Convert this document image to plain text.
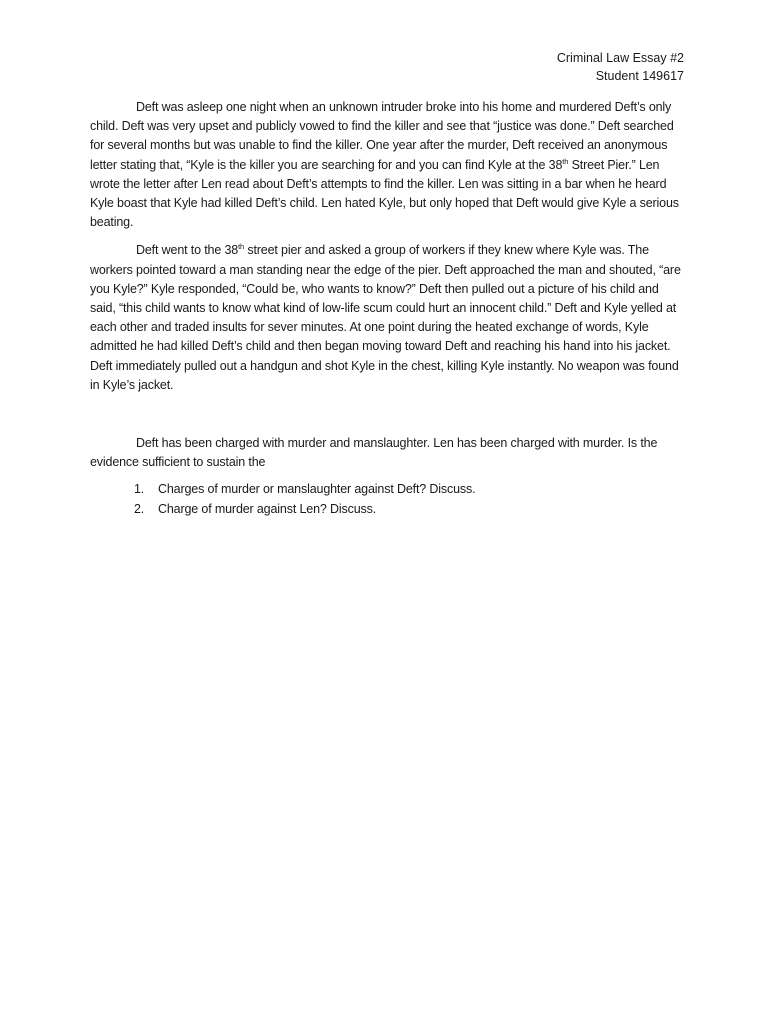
Criminal Law Essay #2
Student 149617

Deft was asleep one night when an unknown intruder broke into his home and murdered Deft’s only child. Deft was very upset and publicly vowed to find the killer and see that “justice was done.” Deft searched for several months but was unable to find the killer. One year after the murder, Deft received an anonymous letter stating that, “Kyle is the killer you are searching for and you can find Kyle at the 38th Street Pier.” Len wrote the letter after Len read about Deft’s attempts to find the killer. Len was sitting in a bar when he heard Kyle boast that Kyle had killed Deft’s child. Len hated Kyle, but only hoped that Deft would give Kyle a serious beating.

Deft went to the 38th street pier and asked a group of workers if they knew where Kyle was. The workers pointed toward a man standing near the edge of the pier. Deft approached the man and shouted, “are you Kyle?” Kyle responded, “Could be, who wants to know?” Deft then pulled out a picture of his child and said, “this child wants to know what kind of low-life scum could hurt an innocent child.” Deft and Kyle yelled at each other and traded insults for sever minutes. At one point during the heated exchange of words, Kyle admitted he had killed Deft’s child and then began moving toward Deft and reaching his hand into his jacket. Deft immediately pulled out a handgun and shot Kyle in the chest, killing Kyle instantly. No weapon was found in Kyle’s jacket.

Deft has been charged with murder and manslaughter. Len has been charged with murder. Is the evidence sufficient to sustain the

1.	Charges of murder or manslaughter against Deft? Discuss.
2.	Charge of murder against Len? Discuss.
